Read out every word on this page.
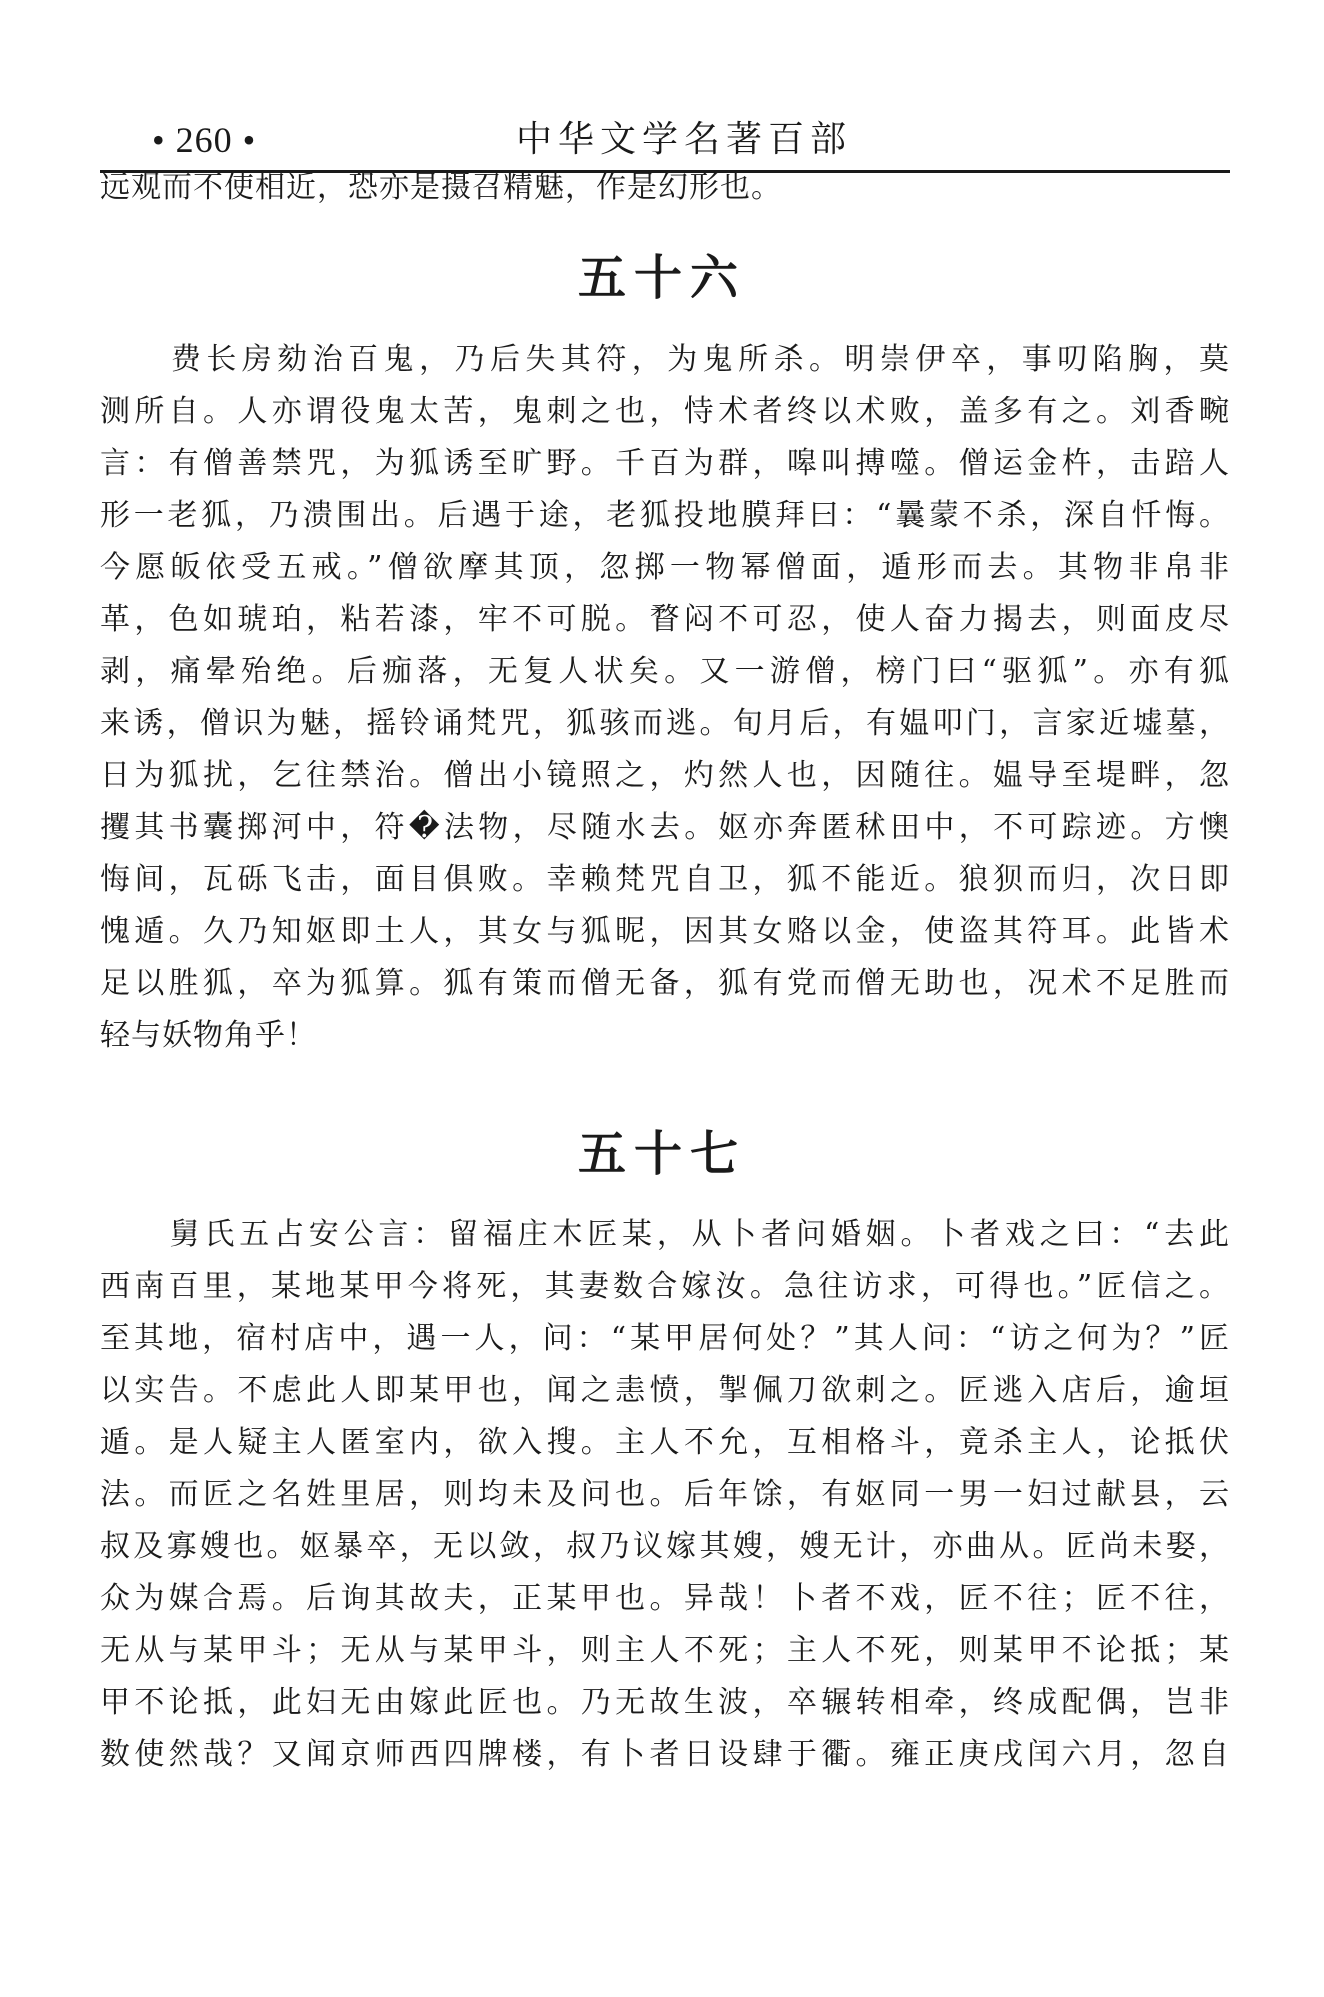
• 260 •	中华文学名著百部
远观而不使相近，恐亦是摄召精魅，作是幻形也。
五十六
　　费长房劾治百鬼，乃后失其符，为鬼所杀。明崇伊卒，事叨陷胸，莫
测所自。人亦谓役鬼太苦，鬼刺之也，恃术者终以术败，盖多有之。刘香畹
言：有僧善禁咒，为狐诱至旷野。千百为群，嗥叫搏噬。僧运金杵，击踣人
形一老狐，乃溃围出。后遇于途，老狐投地膜拜曰：“曩蒙不杀，深自忏悔。
今愿皈依受五戒。”僧欲摩其顶，忽掷一物幂僧面，遁形而去。其物非帛非
革，色如琥珀，粘若漆，牢不可脱。瞀闷不可忍，使人奋力揭去，则面皮尽
剥，痛晕殆绝。后痂落，无复人状矣。又一游僧，榜门曰“驱狐”。亦有狐
来诱，僧识为魅，摇铃诵梵咒，狐骇而逃。旬月后，有媪叩门，言家近墟墓，
日为狐扰，乞往禁治。僧出小镜照之，灼然人也，因随往。媪导至堤畔，忽
攫其书囊掷河中，符�法物，尽随水去。妪亦奔匿秫田中，不可踪迹。方懊
悔间，瓦砾飞击，面目俱败。幸赖梵咒自卫，狐不能近。狼狈而归，次日即
愧遁。久乃知妪即土人，其女与狐昵，因其女赂以金，使盗其符耳。此皆术
足以胜狐，卒为狐算。狐有策而僧无备，狐有党而僧无助也，况术不足胜而
轻与妖物角乎！
五十七
　　舅氏五占安公言：留福庄木匠某，从卜者问婚姻。卜者戏之曰：“去此
西南百里，某地某甲今将死，其妻数合嫁汝。急往访求，可得也。”匠信之。
至其地，宿村店中，遇一人，问：“某甲居何处？”其人问：“访之何为？”匠
以实告。不虑此人即某甲也，闻之恚愤，掣佩刀欲刺之。匠逃入店后，逾垣
遁。是人疑主人匿室内，欲入搜。主人不允，互相格斗，竟杀主人，论抵伏
法。而匠之名姓里居，则均未及问也。后年馀，有妪同一男一妇过献县，云
叔及寡嫂也。妪暴卒，无以敛，叔乃议嫁其嫂，嫂无计，亦曲从。匠尚未娶，
众为媒合焉。后询其故夫，正某甲也。异哉！卜者不戏，匠不往；匠不往，
无从与某甲斗；无从与某甲斗，则主人不死；主人不死，则某甲不论抵；某
甲不论抵，此妇无由嫁此匠也。乃无故生波，卒辗转相牵，终成配偶，岂非
数使然哉？又闻京师西四牌楼，有卜者日设肆于衢。雍正庚戌闰六月，忽自
